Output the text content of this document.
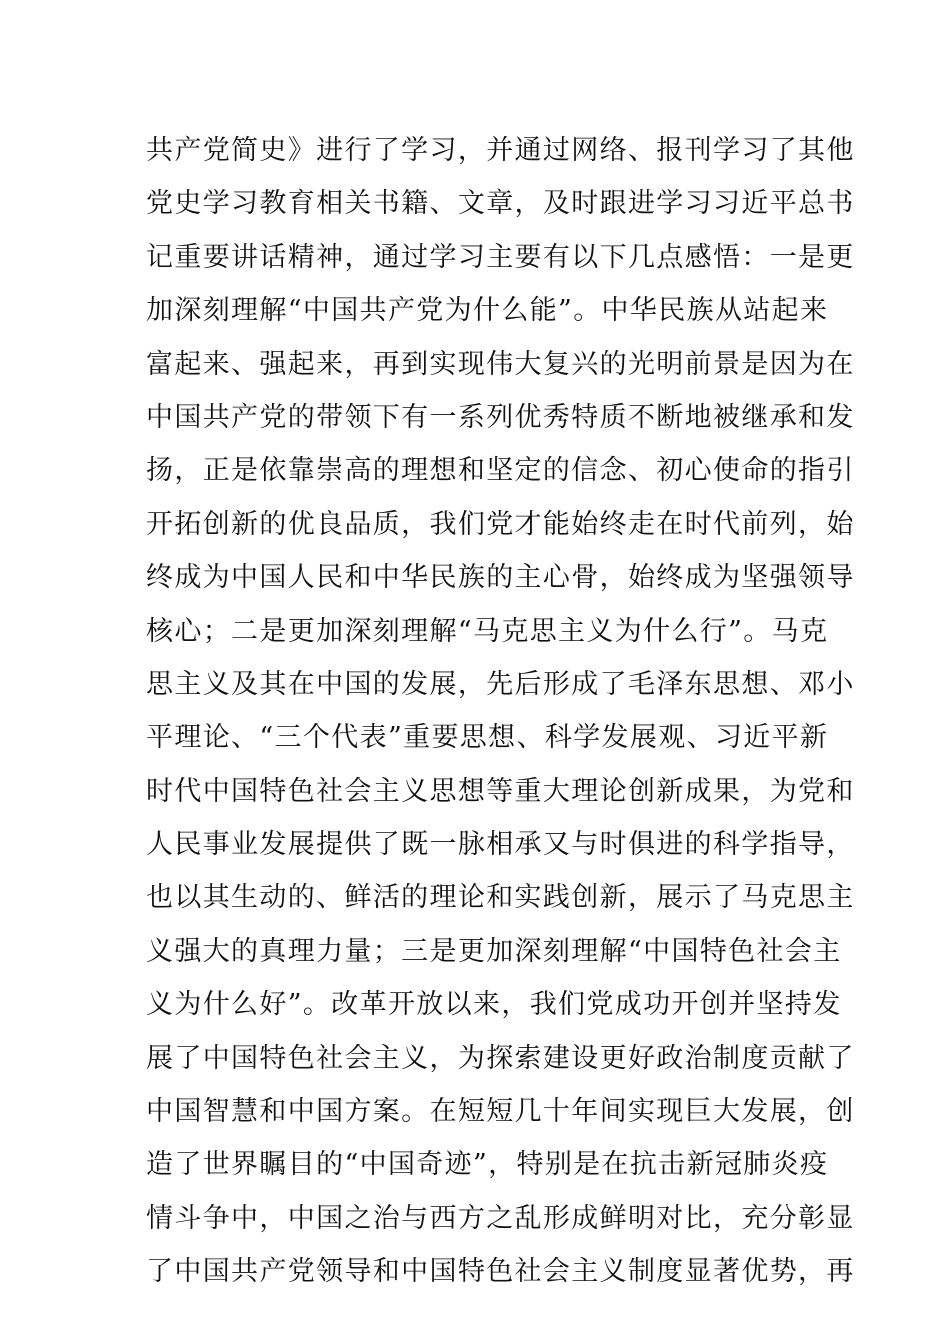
共产党简史》进行了学习，并通过网络、报刊学习了其他
党史学习教育相关书籍、文章，及时跟进学习习近平总书
记重要讲话精神，通过学习主要有以下几点感悟：一是更
加深刻理解“中国共产党为什么能”。中华民族从站起来
富起来、强起来，再到实现伟大复兴的光明前景是因为在
中国共产党的带领下有一系列优秀特质不断地被继承和发
扬，正是依靠崇高的理想和坚定的信念、初心使命的指引
开拓创新的优良品质，我们党才能始终走在时代前列，始
终成为中国人民和中华民族的主心骨，始终成为坚强领导
核心；二是更加深刻理解“马克思主义为什么行”。马克
思主义及其在中国的发展，先后形成了毛泽东思想、邓小
平理论、“三个代表”重要思想、科学发展观、习近平新
时代中国特色社会主义思想等重大理论创新成果，为党和
人民事业发展提供了既一脉相承又与时俱进的科学指导，
也以其生动的、鲜活的理论和实践创新，展示了马克思主
义强大的真理力量；三是更加深刻理解“中国特色社会主
义为什么好”。改革开放以来，我们党成功开创并坚持发
展了中国特色社会主义，为探索建设更好政治制度贡献了
中国智慧和中国方案。在短短几十年间实现巨大发展，创
造了世界瞩目的“中国奇迹”，特别是在抗击新冠肺炎疫
情斗争中，中国之治与西方之乱形成鲜明对比，充分彰显
了中国共产党领导和中国特色社会主义制度显著优势，再
